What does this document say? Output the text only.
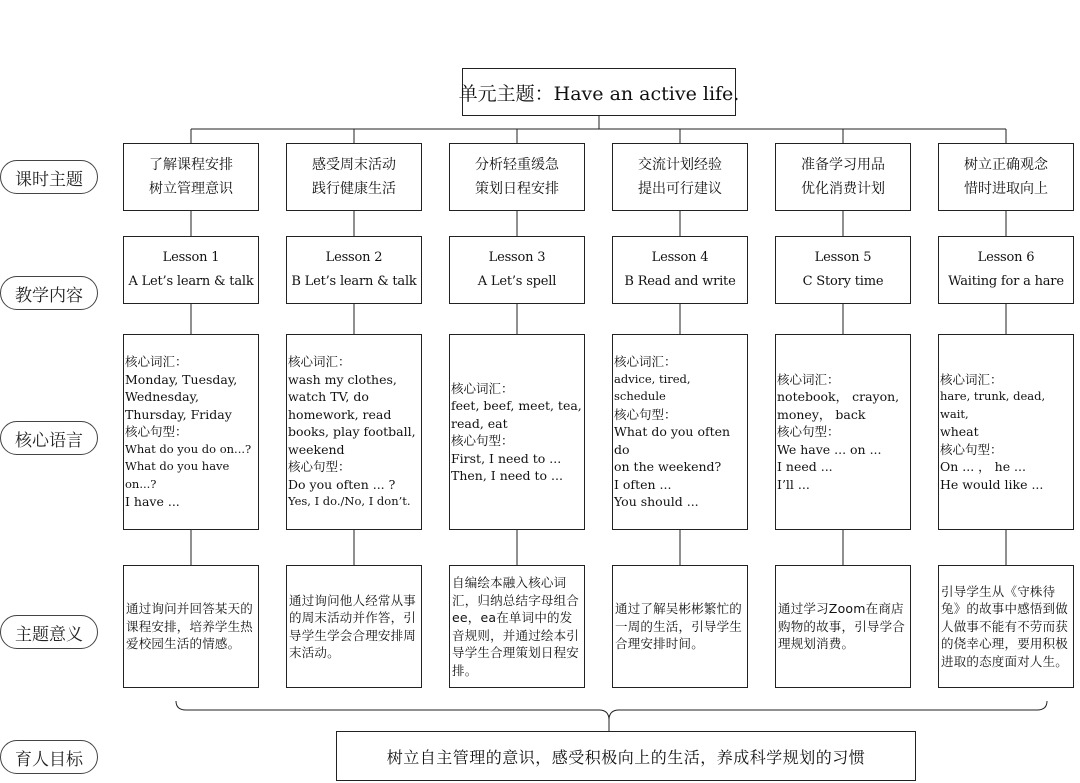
单元主题：Have an active life.
课时主题
教学内容
核心语言
主题意义
育人目标
了解课程安排
树立管理意识
Lesson 1
A Let’s learn & talk
核心词汇：
Monday, Tuesday,
Wednesday,
Thursday, Friday
核心句型：
What do you do on...?
What do you have on...?
I have ...
通过询问并回答某天的课程安排，培养学生热爱校园生活的情感。
感受周末活动
践行健康生活
Lesson 2
B Let’s learn & talk
核心词汇：
wash my clothes,
watch TV, do
homework, read
books, play football,
weekend
核心句型：
Do you often ... ?
Yes, I do./No, I don’t.
通过询问他人经常从事的周末活动并作答，引导学生学会合理安排周末活动。
分析轻重缓急
策划日程安排
Lesson 3
A Let’s spell
核心词汇：
feet, beef, meet, tea,
read, eat
核心句型：
First, I need to ...
Then, I need to ...
自编绘本融入核心词汇，归纳总结字母组合ee，ea在单词中的发音规则，并通过绘本引导学生合理策划日程安排。
交流计划经验
提出可行建议
Lesson 4
B Read and write
核心词汇：
advice, tired, schedule
核心句型：
What do you often do
on the weekend?
I often ...
You should ...
通过了解吴彬彬繁忙的一周的生活，引导学生合理安排时间。
准备学习用品
优化消费计划
Lesson 5
C Story time
核心词汇：
notebook， crayon,
money， back
核心句型：
We have ... on ...
I need ...
I’ll ...
通过学习Zoom在商店购物的故事，引导学合理规划消费。
树立正确观念
惜时进取向上
Lesson 6
Waiting for a hare
核心词汇：
hare, trunk, dead, wait,
wheat
核心句型：
On ... ， he ...
He would like ...
引导学生从《守株待兔》的故事中感悟到做人做事不能有不劳而获的侥幸心理，要用积极进取的态度面对人生。
树立自主管理的意识，感受积极向上的生活，养成科学规划的习惯
